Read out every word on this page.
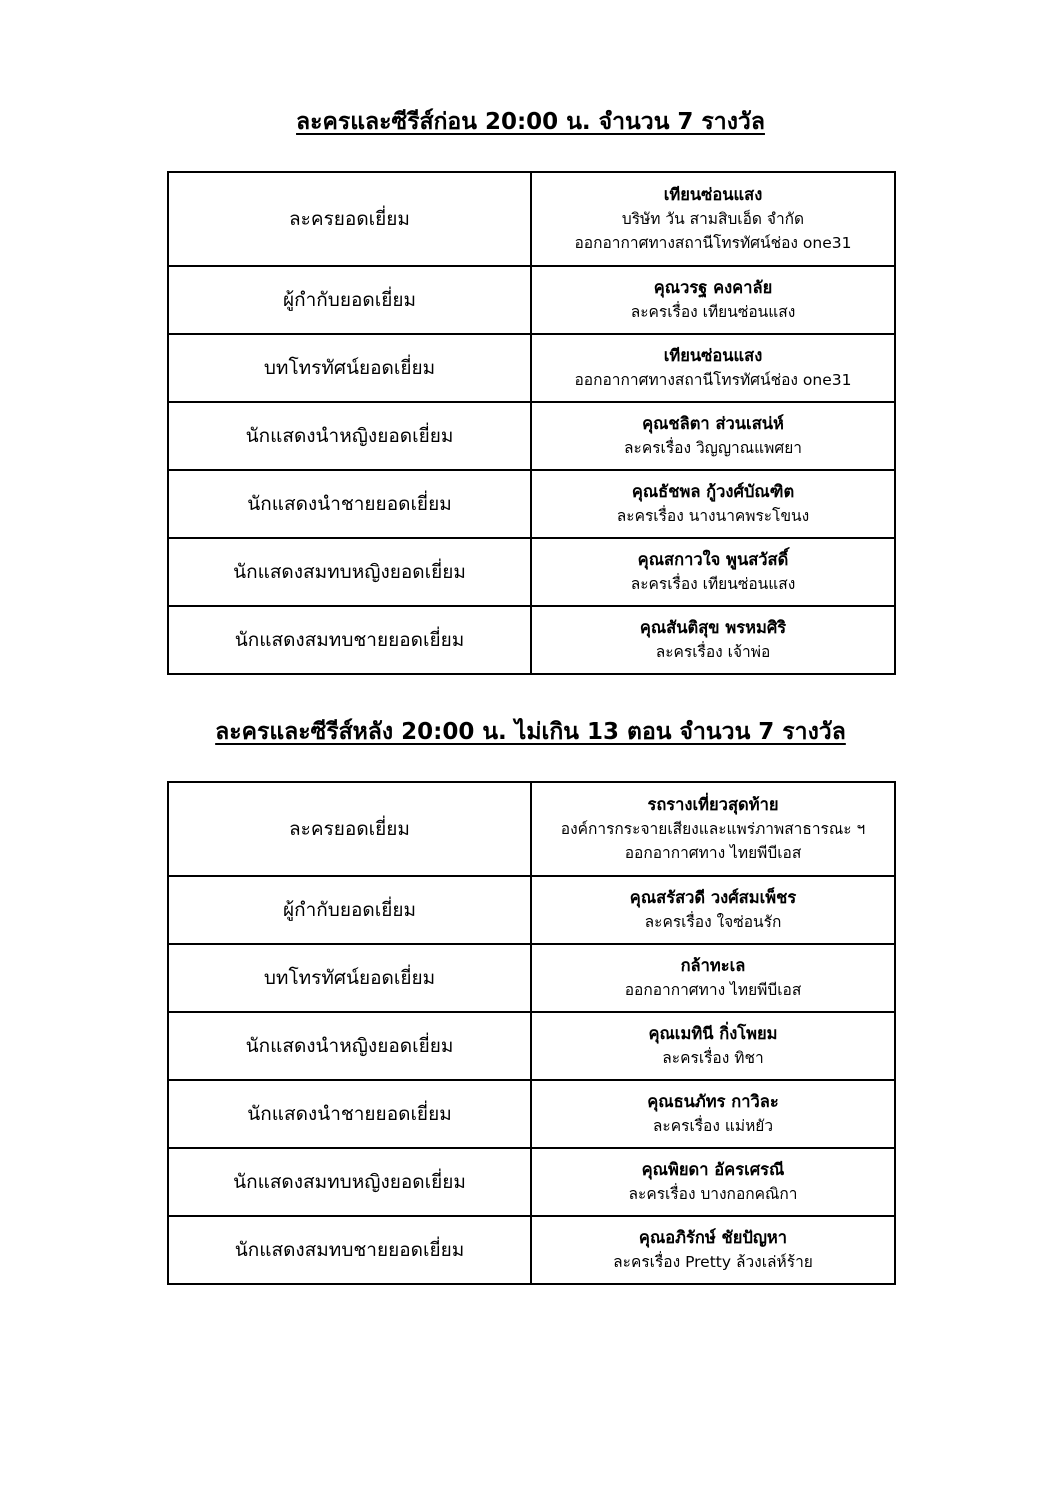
ละครและซีรีส์ก่อน 20:00 น. จำนวน 7 รางวัล
ละครยอดเยี่ยม	เทียนซ่อนแสง
บริษัท วัน สามสิบเอ็ด จำกัด
ออกอากาศทางสถานีโทรทัศน์ช่อง one31

ผู้กำกับยอดเยี่ยม	คุณวรฐ คงคาลัย
ละครเรื่อง เทียนซ่อนแสง

บทโทรทัศน์ยอดเยี่ยม	เทียนซ่อนแสง
ออกอากาศทางสถานีโทรทัศน์ช่อง one31

นักแสดงนำหญิงยอดเยี่ยม	คุณชลิตา ส่วนเสน่ห์
ละครเรื่อง วิญญาณแพศยา

นักแสดงนำชายยอดเยี่ยม	คุณธัชพล กู้วงศ์บัณฑิต
ละครเรื่อง นางนาคพระโขนง

นักแสดงสมทบหญิงยอดเยี่ยม	คุณสกาวใจ พูนสวัสดิ์
ละครเรื่อง เทียนซ่อนแสง

นักแสดงสมทบชายยอดเยี่ยม	คุณสันติสุข พรหมศิริ
ละครเรื่อง เจ้าพ่อ
ละครและซีรีส์หลัง 20:00 น. ไม่เกิน 13 ตอน จำนวน 7 รางวัล
ละครยอดเยี่ยม	รถรางเที่ยวสุดท้าย
องค์การกระจายเสียงและแพร่ภาพสาธารณะ ฯ
ออกอากาศทาง ไทยพีบีเอส

ผู้กำกับยอดเยี่ยม	คุณสรัสวดี วงศ์สมเพ็ชร
ละครเรื่อง ใจซ่อนรัก

บทโทรทัศน์ยอดเยี่ยม	กล้าทะเล
ออกอากาศทาง ไทยพีบีเอส

นักแสดงนำหญิงยอดเยี่ยม	คุณเมทินี กิ่งโพยม
ละครเรื่อง ทิชา

นักแสดงนำชายยอดเยี่ยม	คุณธนภัทร กาวิละ
ละครเรื่อง แม่หยัว

นักแสดงสมทบหญิงยอดเยี่ยม	คุณพิยดา อัครเศรณี
ละครเรื่อง บางกอกคณิกา

นักแสดงสมทบชายยอดเยี่ยม	คุณอภิรักษ์ ชัยปัญหา
ละครเรื่อง Pretty ล้วงเล่ห์ร้าย
